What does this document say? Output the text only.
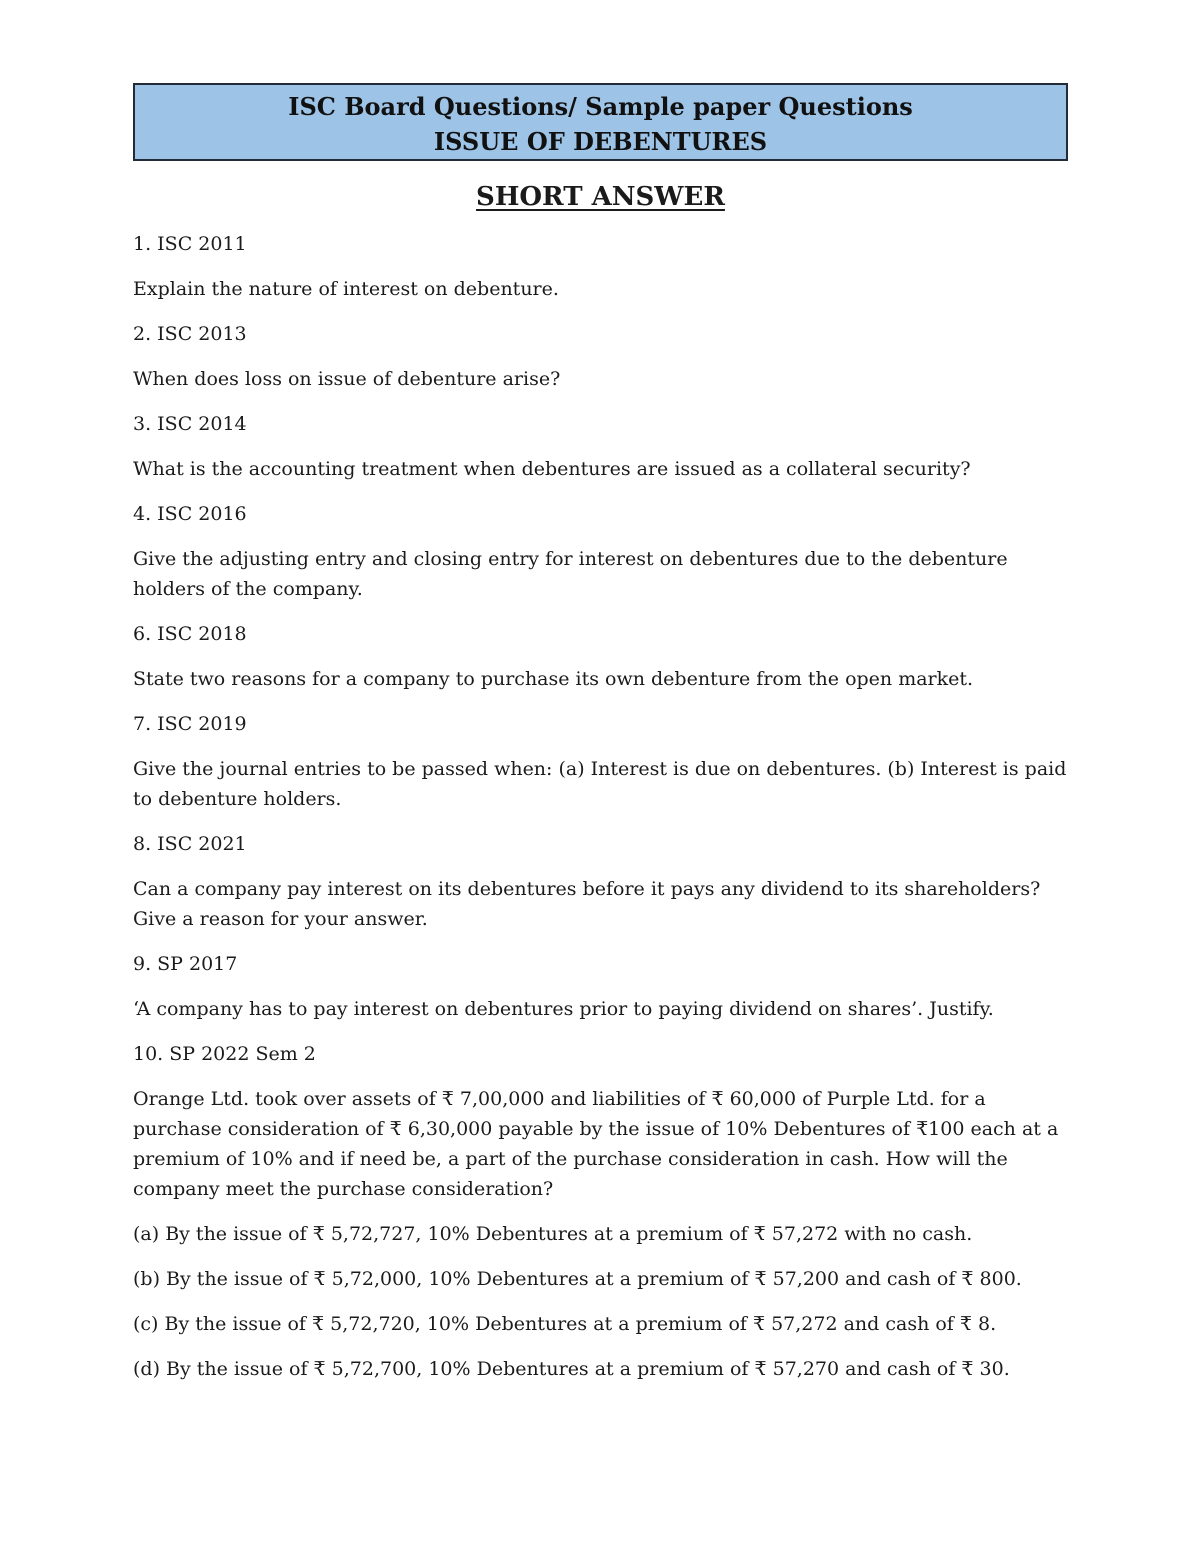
ISC Board Questions/ Sample paper Questions
ISSUE OF DEBENTURES
SHORT ANSWER

1. ISC 2011

Explain the nature of interest on debenture.

2. ISC 2013

When does loss on issue of debenture arise?

3. ISC 2014

What is the accounting treatment when debentures are issued as a collateral security?

4. ISC 2016

Give the adjusting entry and closing entry for interest on debentures due to the debenture holders of the company.

6. ISC 2018

State two reasons for a company to purchase its own debenture from the open market.

7. ISC 2019

Give the journal entries to be passed when: (a) Interest is due on debentures. (b) Interest is paid to debenture holders.

8. ISC 2021

Can a company pay interest on its debentures before it pays any dividend to its shareholders? Give a reason for your answer.

9. SP 2017

‘A company has to pay interest on debentures prior to paying dividend on shares’. Justify.

10. SP 2022 Sem 2

Orange Ltd. took over assets of ₹ 7,00,000 and liabilities of ₹ 60,000 of Purple Ltd. for a purchase consideration of ₹ 6,30,000 payable by the issue of 10% Debentures of ₹100 each at a premium of 10% and if need be, a part of the purchase consideration in cash. How will the company meet the purchase consideration?

(a) By the issue of ₹ 5,72,727, 10% Debentures at a premium of ₹ 57,272 with no cash.

(b) By the issue of ₹ 5,72,000, 10% Debentures at a premium of ₹ 57,200 and cash of ₹ 800.

(c) By the issue of ₹ 5,72,720, 10% Debentures at a premium of ₹ 57,272 and cash of ₹ 8.

(d) By the issue of ₹ 5,72,700, 10% Debentures at a premium of ₹ 57,270 and cash of ₹ 30.
